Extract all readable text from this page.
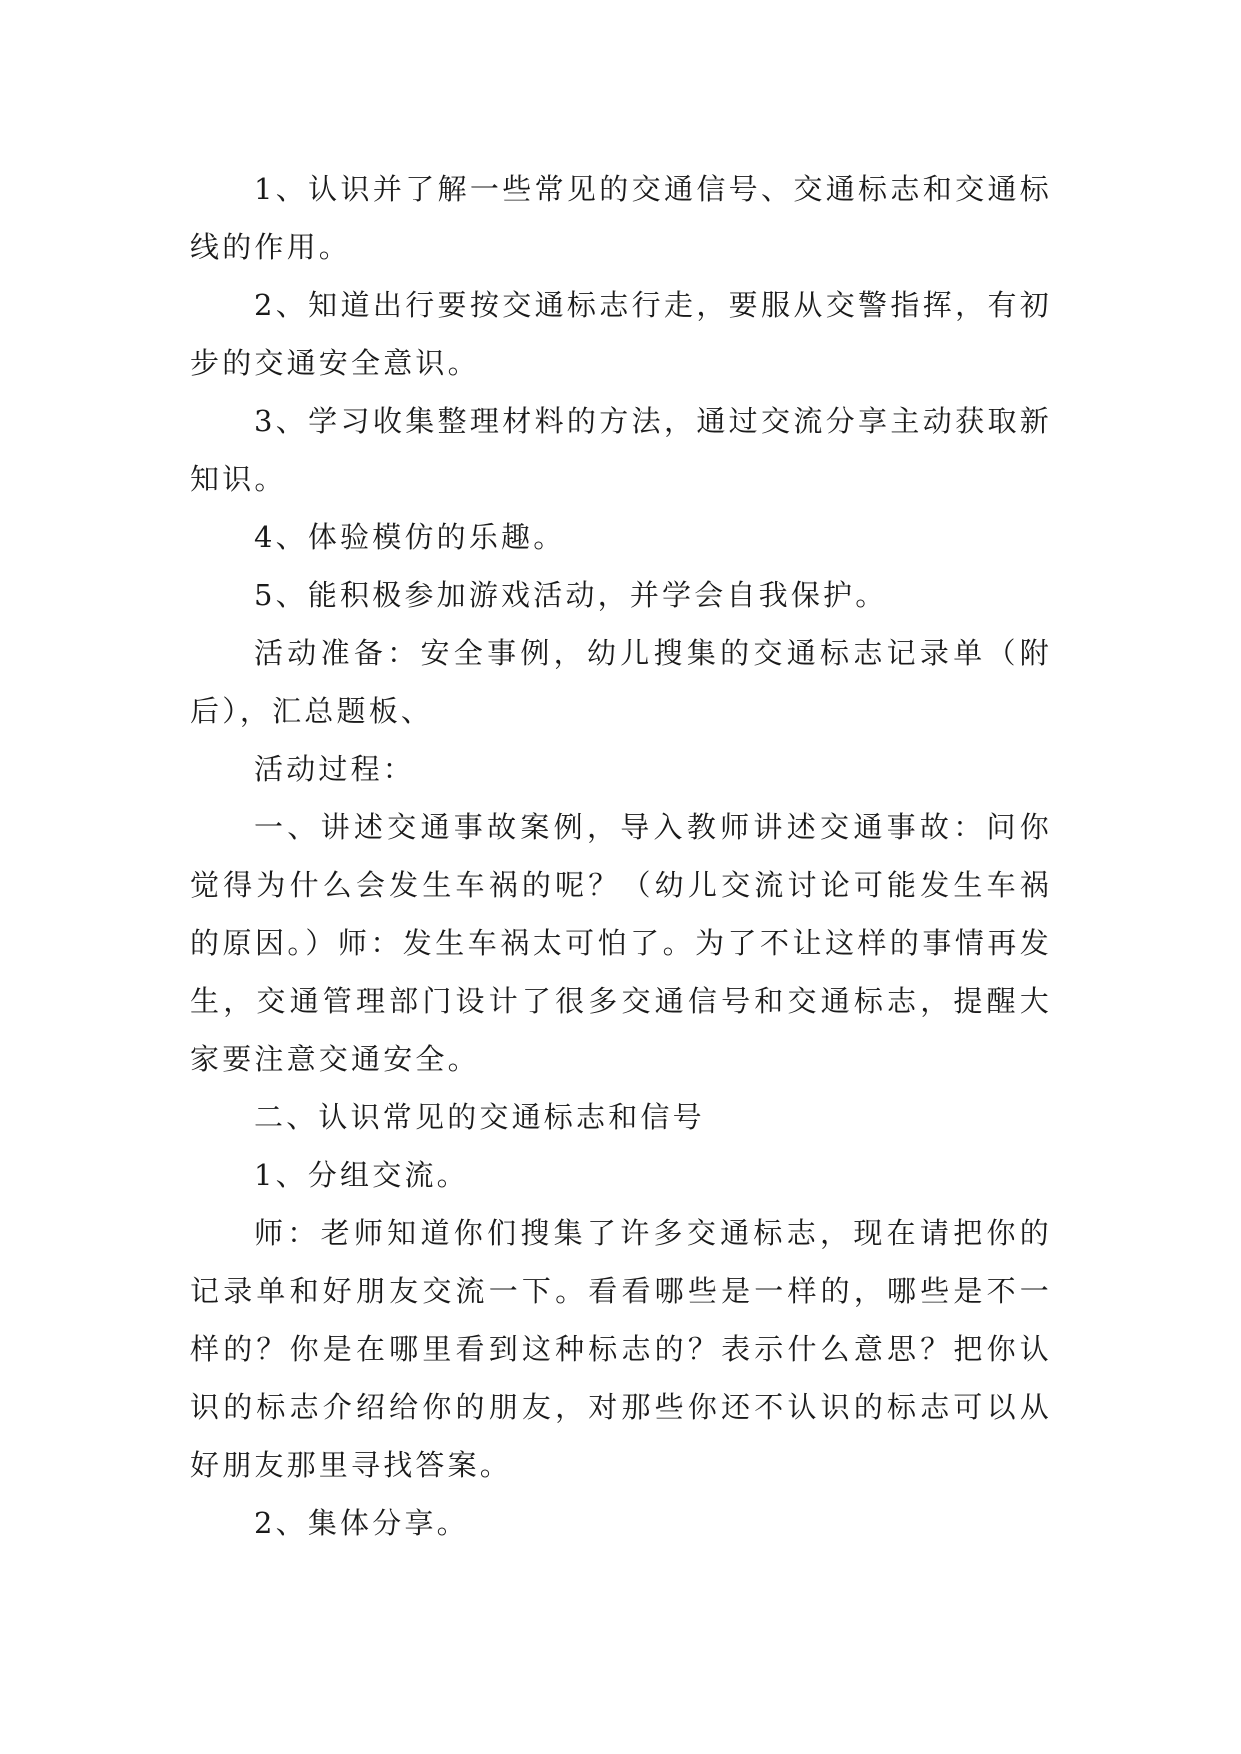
1、认识并了解一些常见的交通信号、交通标志和交通标线的作用。

2、知道出行要按交通标志行走，要服从交警指挥，有初步的交通安全意识。

3、学习收集整理材料的方法，通过交流分享主动获取新知识。

4、体验模仿的乐趣。

5、能积极参加游戏活动，并学会自我保护。

活动准备：安全事例，幼儿搜集的交通标志记录单（附后），汇总题板、

活动过程：

一、讲述交通事故案例，导入教师讲述交通事故：问你觉得为什么会发生车祸的呢？（幼儿交流讨论可能发生车祸的原因。）师：发生车祸太可怕了。为了不让这样的事情再发生，交通管理部门设计了很多交通信号和交通标志，提醒大家要注意交通安全。

二、认识常见的交通标志和信号

1、分组交流。

师：老师知道你们搜集了许多交通标志，现在请把你的记录单和好朋友交流一下。看看哪些是一样的，哪些是不一样的？你是在哪里看到这种标志的？表示什么意思？把你认识的标志介绍给你的朋友，对那些你还不认识的标志可以从好朋友那里寻找答案。

2、集体分享。
